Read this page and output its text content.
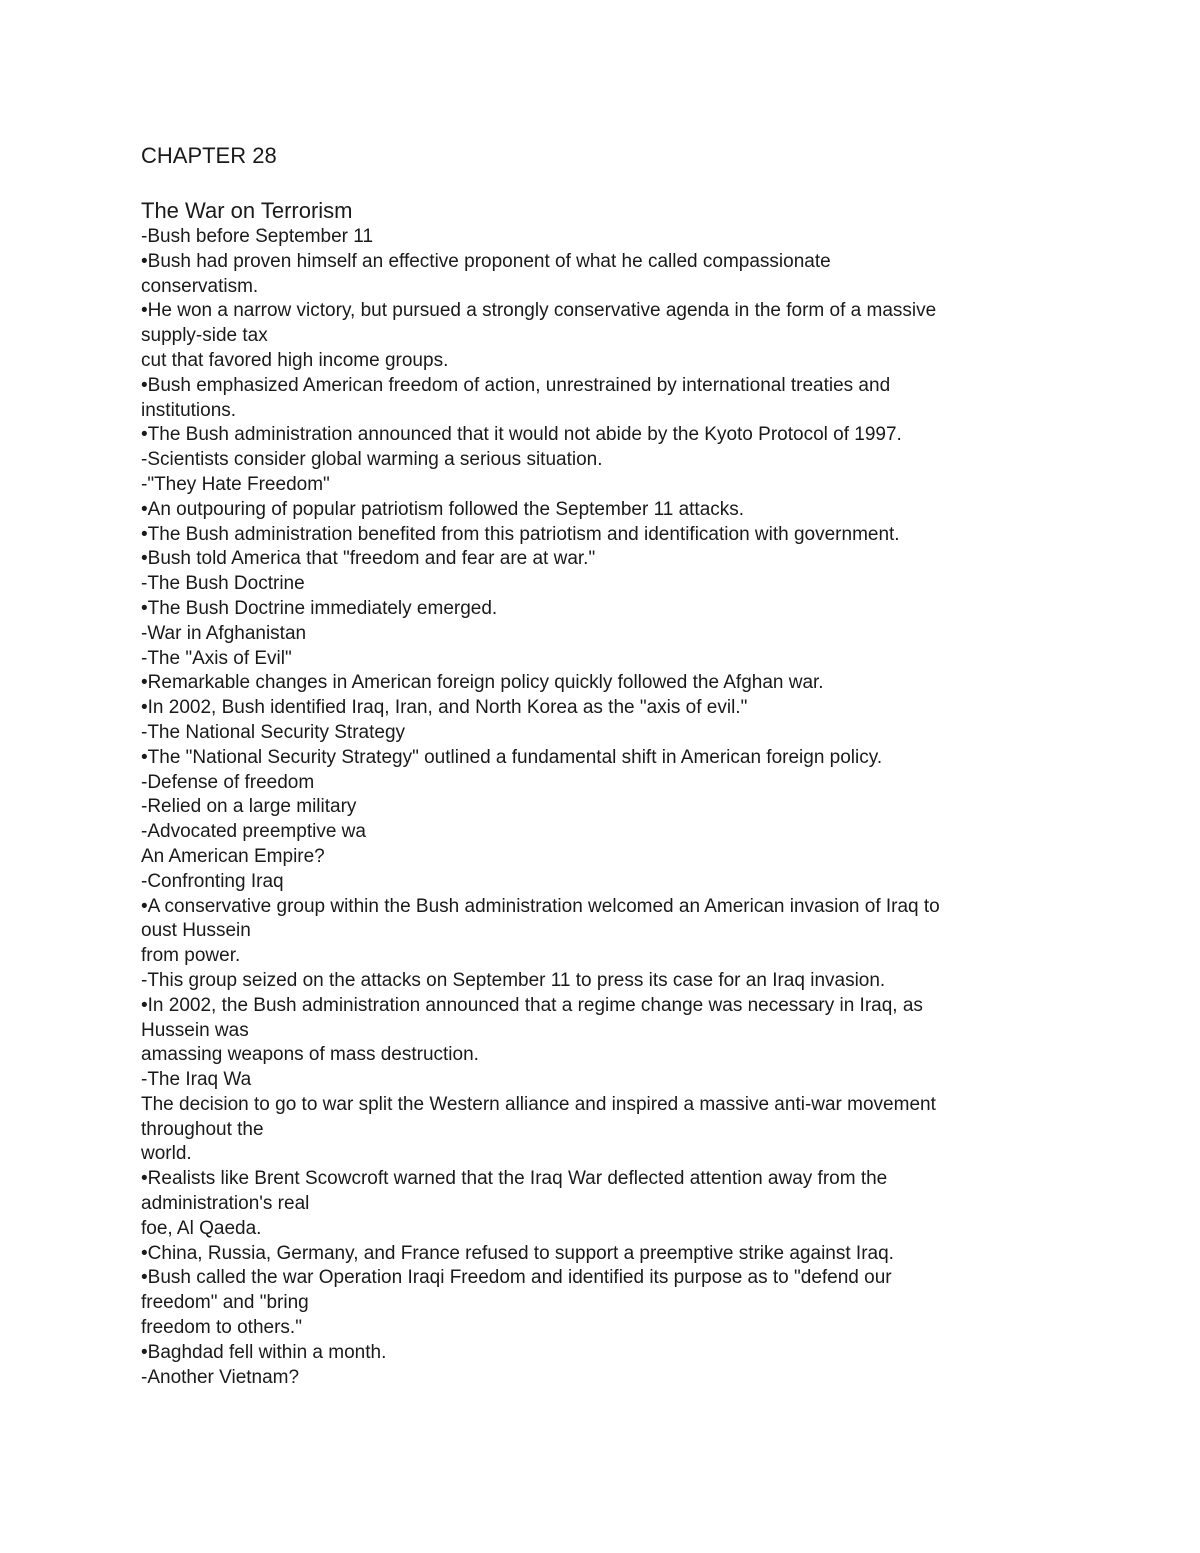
CHAPTER 28
The War on Terrorism
-Bush before September 11
•Bush had proven himself an effective proponent of what he called compassionate
conservatism.
•He won a narrow victory, but pursued a strongly conservative agenda in the form of a massive
supply-side tax
cut that favored high income groups.
•Bush emphasized American freedom of action, unrestrained by international treaties and
institutions.
•The Bush administration announced that it would not abide by the Kyoto Protocol of 1997.
-Scientists consider global warming a serious situation.
-"They Hate Freedom"
•An outpouring of popular patriotism followed the September 11 attacks.
•The Bush administration benefited from this patriotism and identification with government.
•Bush told America that "freedom and fear are at war."
-The Bush Doctrine
•The Bush Doctrine immediately emerged.
-War in Afghanistan
-The "Axis of Evil"
•Remarkable changes in American foreign policy quickly followed the Afghan war.
•In 2002, Bush identified Iraq, Iran, and North Korea as the "axis of evil."
-The National Security Strategy
•The "National Security Strategy" outlined a fundamental shift in American foreign policy.
-Defense of freedom
-Relied on a large military
-Advocated preemptive wa
An American Empire?
-Confronting Iraq
•A conservative group within the Bush administration welcomed an American invasion of Iraq to
oust Hussein
from power.
-This group seized on the attacks on September 11 to press its case for an Iraq invasion.
•In 2002, the Bush administration announced that a regime change was necessary in Iraq, as
Hussein was
amassing weapons of mass destruction.
-The Iraq Wa
The decision to go to war split the Western alliance and inspired a massive anti-war movement
throughout the
world.
•Realists like Brent Scowcroft warned that the Iraq War deflected attention away from the
administration's real
foe, Al Qaeda.
•China, Russia, Germany, and France refused to support a preemptive strike against Iraq.
•Bush called the war Operation Iraqi Freedom and identified its purpose as to "defend our
freedom" and "bring
freedom to others."
•Baghdad fell within a month.
-Another Vietnam?
